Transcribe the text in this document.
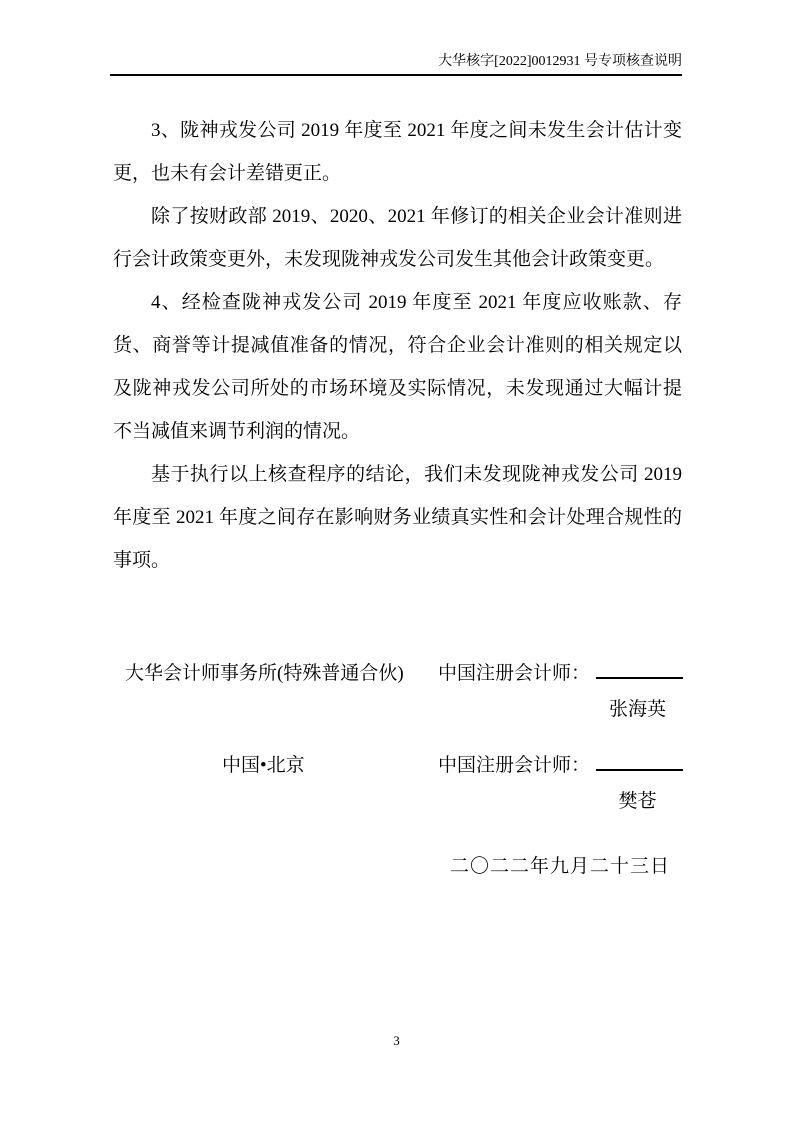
大华核字[2022]0012931 号专项核查说明

3、陇神戎发公司 2019 年度至 2021 年度之间未发生会计估计变更，也未有会计差错更正。

除了按财政部 2019、2020、2021 年修订的相关企业会计准则进行会计政策变更外，未发现陇神戎发公司发生其他会计政策变更。

4、经检查陇神戎发公司 2019 年度至 2021 年度应收账款、存货、商誉等计提减值准备的情况，符合企业会计准则的相关规定以及陇神戎发公司所处的市场环境及实际情况，未发现通过大幅计提不当减值来调节利润的情况。

基于执行以上核查程序的结论，我们未发现陇神戎发公司 2019 年度至 2021 年度之间存在影响财务业绩真实性和会计处理合规性的事项。

大华会计师事务所(特殊普通合伙)	中国注册会计师：
张海英
中国•北京	中国注册会计师：
樊苍
二〇二二年九月二十三日
3
